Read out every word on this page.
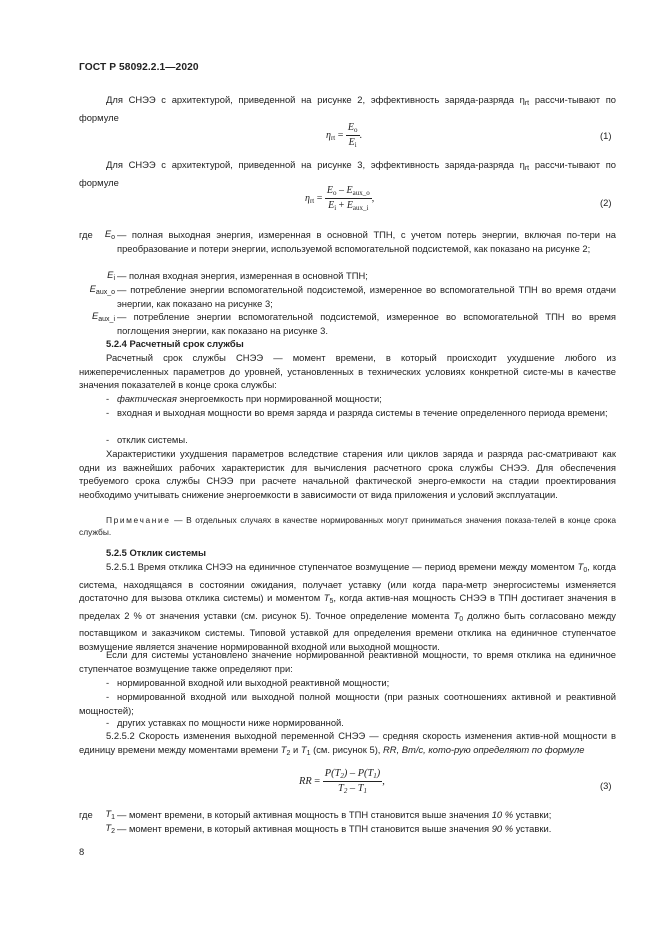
ГОСТ Р 58092.2.1—2020

Для СНЭЭ с архитектурой, приведенной на рисунке 2, эффективность заряда-разряда $\eta_{rt}$ рассчи-тывают по формуле

$\eta_{rt} = \frac{E_o}{E_i}$ .	(1)

Для СНЭЭ с архитектурой, приведенной на рисунке 3, эффективность заряда-разряда $\eta_{rt}$ рассчи-тывают по формуле

$\eta_{rt} = \frac{E_o - E_{aux\_o}}{E_i + E_{aux\_i}}$ ,	(2)
где	$E_o$ — полная выходная энергия, измеренная в основной ТПН, с учетом потерь энергии, включая по-тери на преобразование и потери энергии, используемой вспомогательной подсистемой, как показано на рисунке 2;

$E_i$ — полная входная энергия, измеренная в основной ТПН;

$E_{aux\_o}$ — потребление энергии вспомогательной подсистемой, измеренное во вспомогательной ТПН во время отдачи энергии, как показано на рисунке 3;

$E_{aux\_i}$ — потребление энергии вспомогательной подсистемой, измеренное во вспомогательной ТПН во время поглощения энергии, как показано на рисунке 3.

5.2.4 Расчетный срок службы

Расчетный срок службы СНЭЭ — момент времени, в который происходит ухудшение любого из нижеперечисленных параметров до уровней, установленных в технических условиях конкретной систе-мы в качестве значения показателей в конце срока службы:

- фактическая энергоемкость при нормированной мощности;

- входная и выходная мощности во время заряда и разряда системы в течение определенного периода времени;

- отклик системы.

Характеристики ухудшения параметров вследствие старения или циклов заряда и разряда рас-сматривают как одни из важнейших рабочих характеристик для вычисления расчетного срока службы СНЭЭ. Для обеспечения требуемого срока службы СНЭЭ при расчете начальной фактической энерго-емкости на стадии проектирования необходимо учитывать снижение энергоемкости в зависимости от вида приложения и условий эксплуатации.

Примечание — В отдельных случаях в качестве нормированных могут приниматься значения показа-телей в конце срока службы.

5.2.5 Отклик системы

5.2.5.1 Время отклика СНЭЭ на единичное ступенчатое возмущение — период времени между моментом $T_0$, когда система, находящаяся в состоянии ожидания, получает уставку (или когда пара-метр энергосистемы изменяется достаточно для вызова отклика системы) и моментом $T_5$, когда актив-ная мощность СНЭЭ в ТПН достигает значения в пределах 2 % от значения уставки (см. рисунок 5). Точное определение момента $T_0$ должно быть согласовано между поставщиком и заказчиком системы. Типовой уставкой для определения времени отклика на единичное ступенчатое возмущение является значение нормированной входной или выходной мощности.

Если для системы установлено значение нормированной реактивной мощности, то время отклика на единичное ступенчатое возмущение также определяют при:

- нормированной входной или выходной реактивной мощности;

- нормированной входной или выходной полной мощности (при разных соотношениях активной и реактивной мощностей);

- других уставках по мощности ниже нормированной.

5.2.5.2 Скорость изменения выходной переменной СНЭЭ — средняя скорость изменения актив-ной мощности в единицу времени между моментами времени $T_2$ и $T_1$ (см. рисунок 5), RR, Вт/с, кото-рую определяют по формуле

RR = $\frac{P(T_2) - P(T_1)}{T_2 - T_1}$ ,	(3)
где	$T_1$ — момент времени, в который активная мощность в ТПН становится выше значения 10 % уставки;

$T_2$ — момент времени, в который активная мощность в ТПН становится выше значения 90 % уставки.

8
